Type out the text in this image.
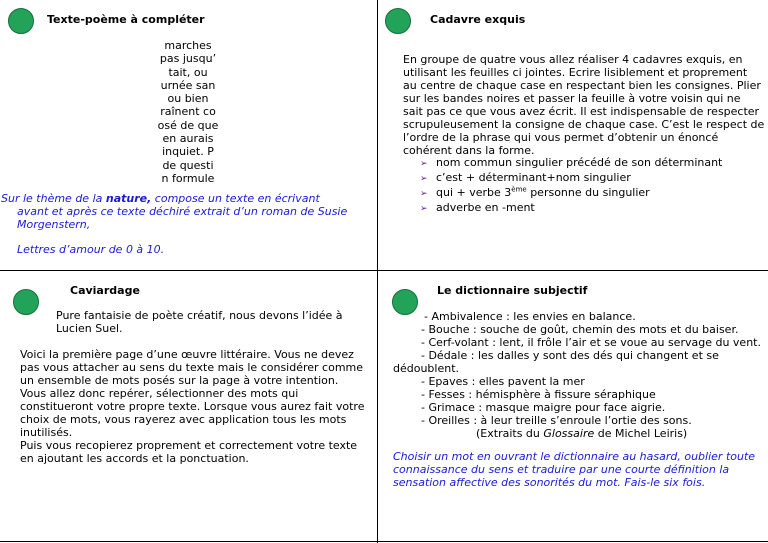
Texte-poème à compléter
marches
pas jusqu’
tait, ou
urnée san
ou bien
raînent co
osé de que
en aurais
inquiet. P
de questi
n formule
Sur le thème de la nature, compose un texte en écrivant
avant et après ce texte déchiré extrait d’un roman de Susie
Morgenstern,
Lettres d’amour de 0 à 10.
Cadavre exquis
En groupe de quatre vous allez réaliser 4 cadavres exquis, en
utilisant les feuilles ci jointes. Ecrire lisiblement et proprement
au centre de chaque case en respectant bien les consignes. Plier
sur les bandes noires et passer la feuille à votre voisin qui ne
sait pas ce que vous avez écrit. Il est indispensable de respecter
scrupuleusement la consigne de chaque case. C’est le respect de
l’ordre de la phrase qui vous permet d’obtenir un énoncé
cohérent dans la forme.
➢ nom commun singulier précédé de son déterminant
➢ c’est + déterminant+nom singulier
➢ qui + verbe 3ème personne du singulier
➢ adverbe en -ment
Caviardage
Pure fantaisie de poète créatif, nous devons l’idée à
Lucien Suel.
Voici la première page d’une œuvre littéraire. Vous ne devez
pas vous attacher au sens du texte mais le considérer comme
un ensemble de mots posés sur la page à votre intention.
Vous allez donc repérer, sélectionner des mots qui
constitueront votre propre texte. Lorsque vous aurez fait votre
choix de mots, vous rayerez avec application tous les mots
inutilisés.
Puis vous recopierez proprement et correctement votre texte
en ajoutant les accords et la ponctuation.
Le dictionnaire subjectif
- Ambivalence : les envies en balance.
- Bouche : souche de goût, chemin des mots et du baiser.
- Cerf-volant : lent, il frôle l’air et se voue au servage du vent.
- Dédale : les dalles y sont des dés qui changent et se
dédoublent.
- Epaves : elles pavent la mer
- Fesses : hémisphère à fissure séraphique
- Grimace : masque maigre pour face aigrie.
- Oreilles : à leur treille s’enroule l’ortie des sons.
(Extraits du Glossaire de Michel Leiris)
Choisir un mot en ouvrant le dictionnaire au hasard, oublier toute
connaissance du sens et traduire par une courte définition la
sensation affective des sonorités du mot. Fais-le six fois.
